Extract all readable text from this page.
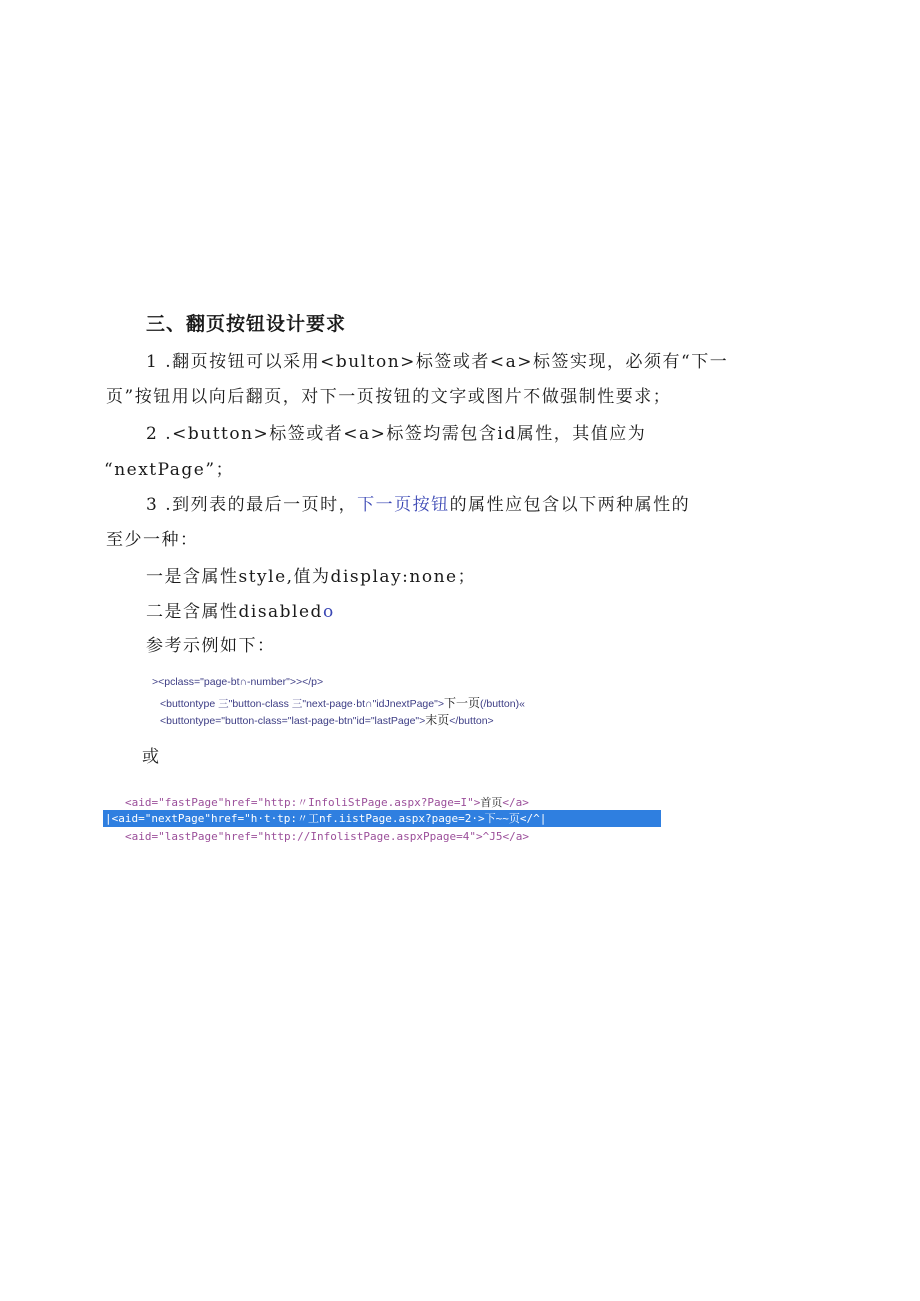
三、翻页按钮设计要求
1 .翻页按钮可以采用<bulton>标签或者<a>标签实现，必须有“下一
页”按钮用以向后翻页，对下一页按钮的文字或图片不做强制性要求；
2 .<button>标签或者<a>标签均需包含id属性，其值应为
“nextPage”；
3 .到列表的最后一页时，下一页按钮的属性应包含以下两种属性的
至少一种：
一是含属性style,值为display:none；
二是含属性disabledo
参考示例如下：
><pclass="page-bt∩-number">></p>
<buttontype 三"button-class 三"next-page·bt∩"idJnextPage">下一页(/button)«
<buttontype="button-class="last-page-btn"id="lastPage">末页</button>
或
<aid="fastPage"href="http:〃InfoliStPage.aspx?Page=I">首页<∕a>
|<aid="nextPage"href="h·t·tp:〃工nf.iistPage.aspx?page=2·>下~~页</^|
<aid="lastPage"href="http://InfolistPage.aspxPpage=4">^J5<∕a>
